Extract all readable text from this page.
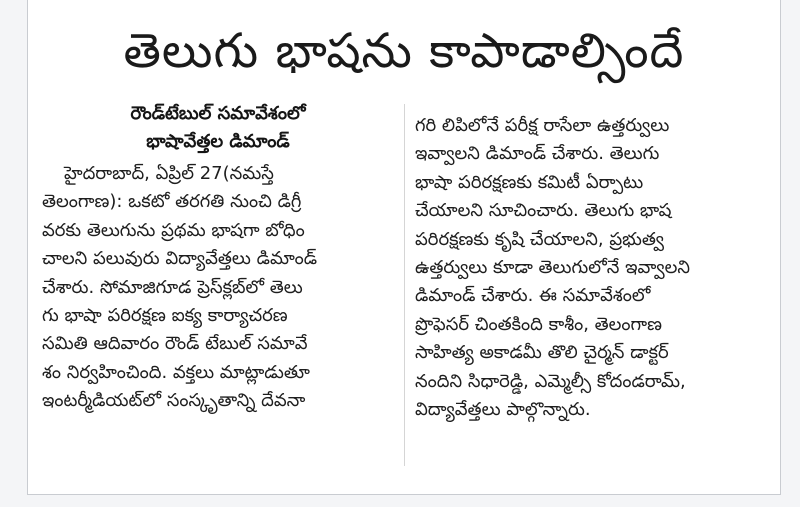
తెలుగు భాషను కాపాడాల్సిందే
రౌండ్‌టేబుల్ సమావేశంలో
భాషావేత్తల డిమాండ్
హైదరాబాద్, ఏప్రిల్ 27(నమస్తే
తెలంగాణ): ఒకటో తరగతి నుంచి డిగ్రీ
వరకు తెలుగును ప్రథమ భాషగా బోధిం
చాలని పలువురు విద్యావేత్తలు డిమాండ్
చేశారు. సోమాజిగూడ ప్రెస్‌క్లబ్‌లో తెలు
గు భాషా పరిరక్షణ ఐక్య కార్యాచరణ
సమితి ఆదివారం రౌండ్ టేబుల్ సమావే
శం నిర్వహించింది. వక్తలు మాట్లాడుతూ
ఇంటర్మీడియట్‌లో సంస్కృతాన్ని దేవనా
గరి లిపిలోనే పరీక్ష రాసేలా ఉత్తర్వులు
ఇవ్వాలని డిమాండ్ చేశారు. తెలుగు
భాషా పరిరక్షణకు కమిటీ ఏర్పాటు
చేయాలని సూచించారు. తెలుగు భాష
పరిరక్షణకు కృషి చేయాలని, ప్రభుత్వ
ఉత్తర్వులు కూడా తెలుగులోనే ఇవ్వాలని
డిమాండ్ చేశారు. ఈ సమావేశంలో
ప్రొఫెసర్ చింతకింది కాశీం, తెలంగాణ
సాహిత్య అకాడమీ తొలి చైర్మన్ డాక్టర్
నందిని సిధారెడ్డి, ఎమ్మెల్సీ కోదండరామ్,
విద్యావేత్తలు పాల్గొన్నారు.
